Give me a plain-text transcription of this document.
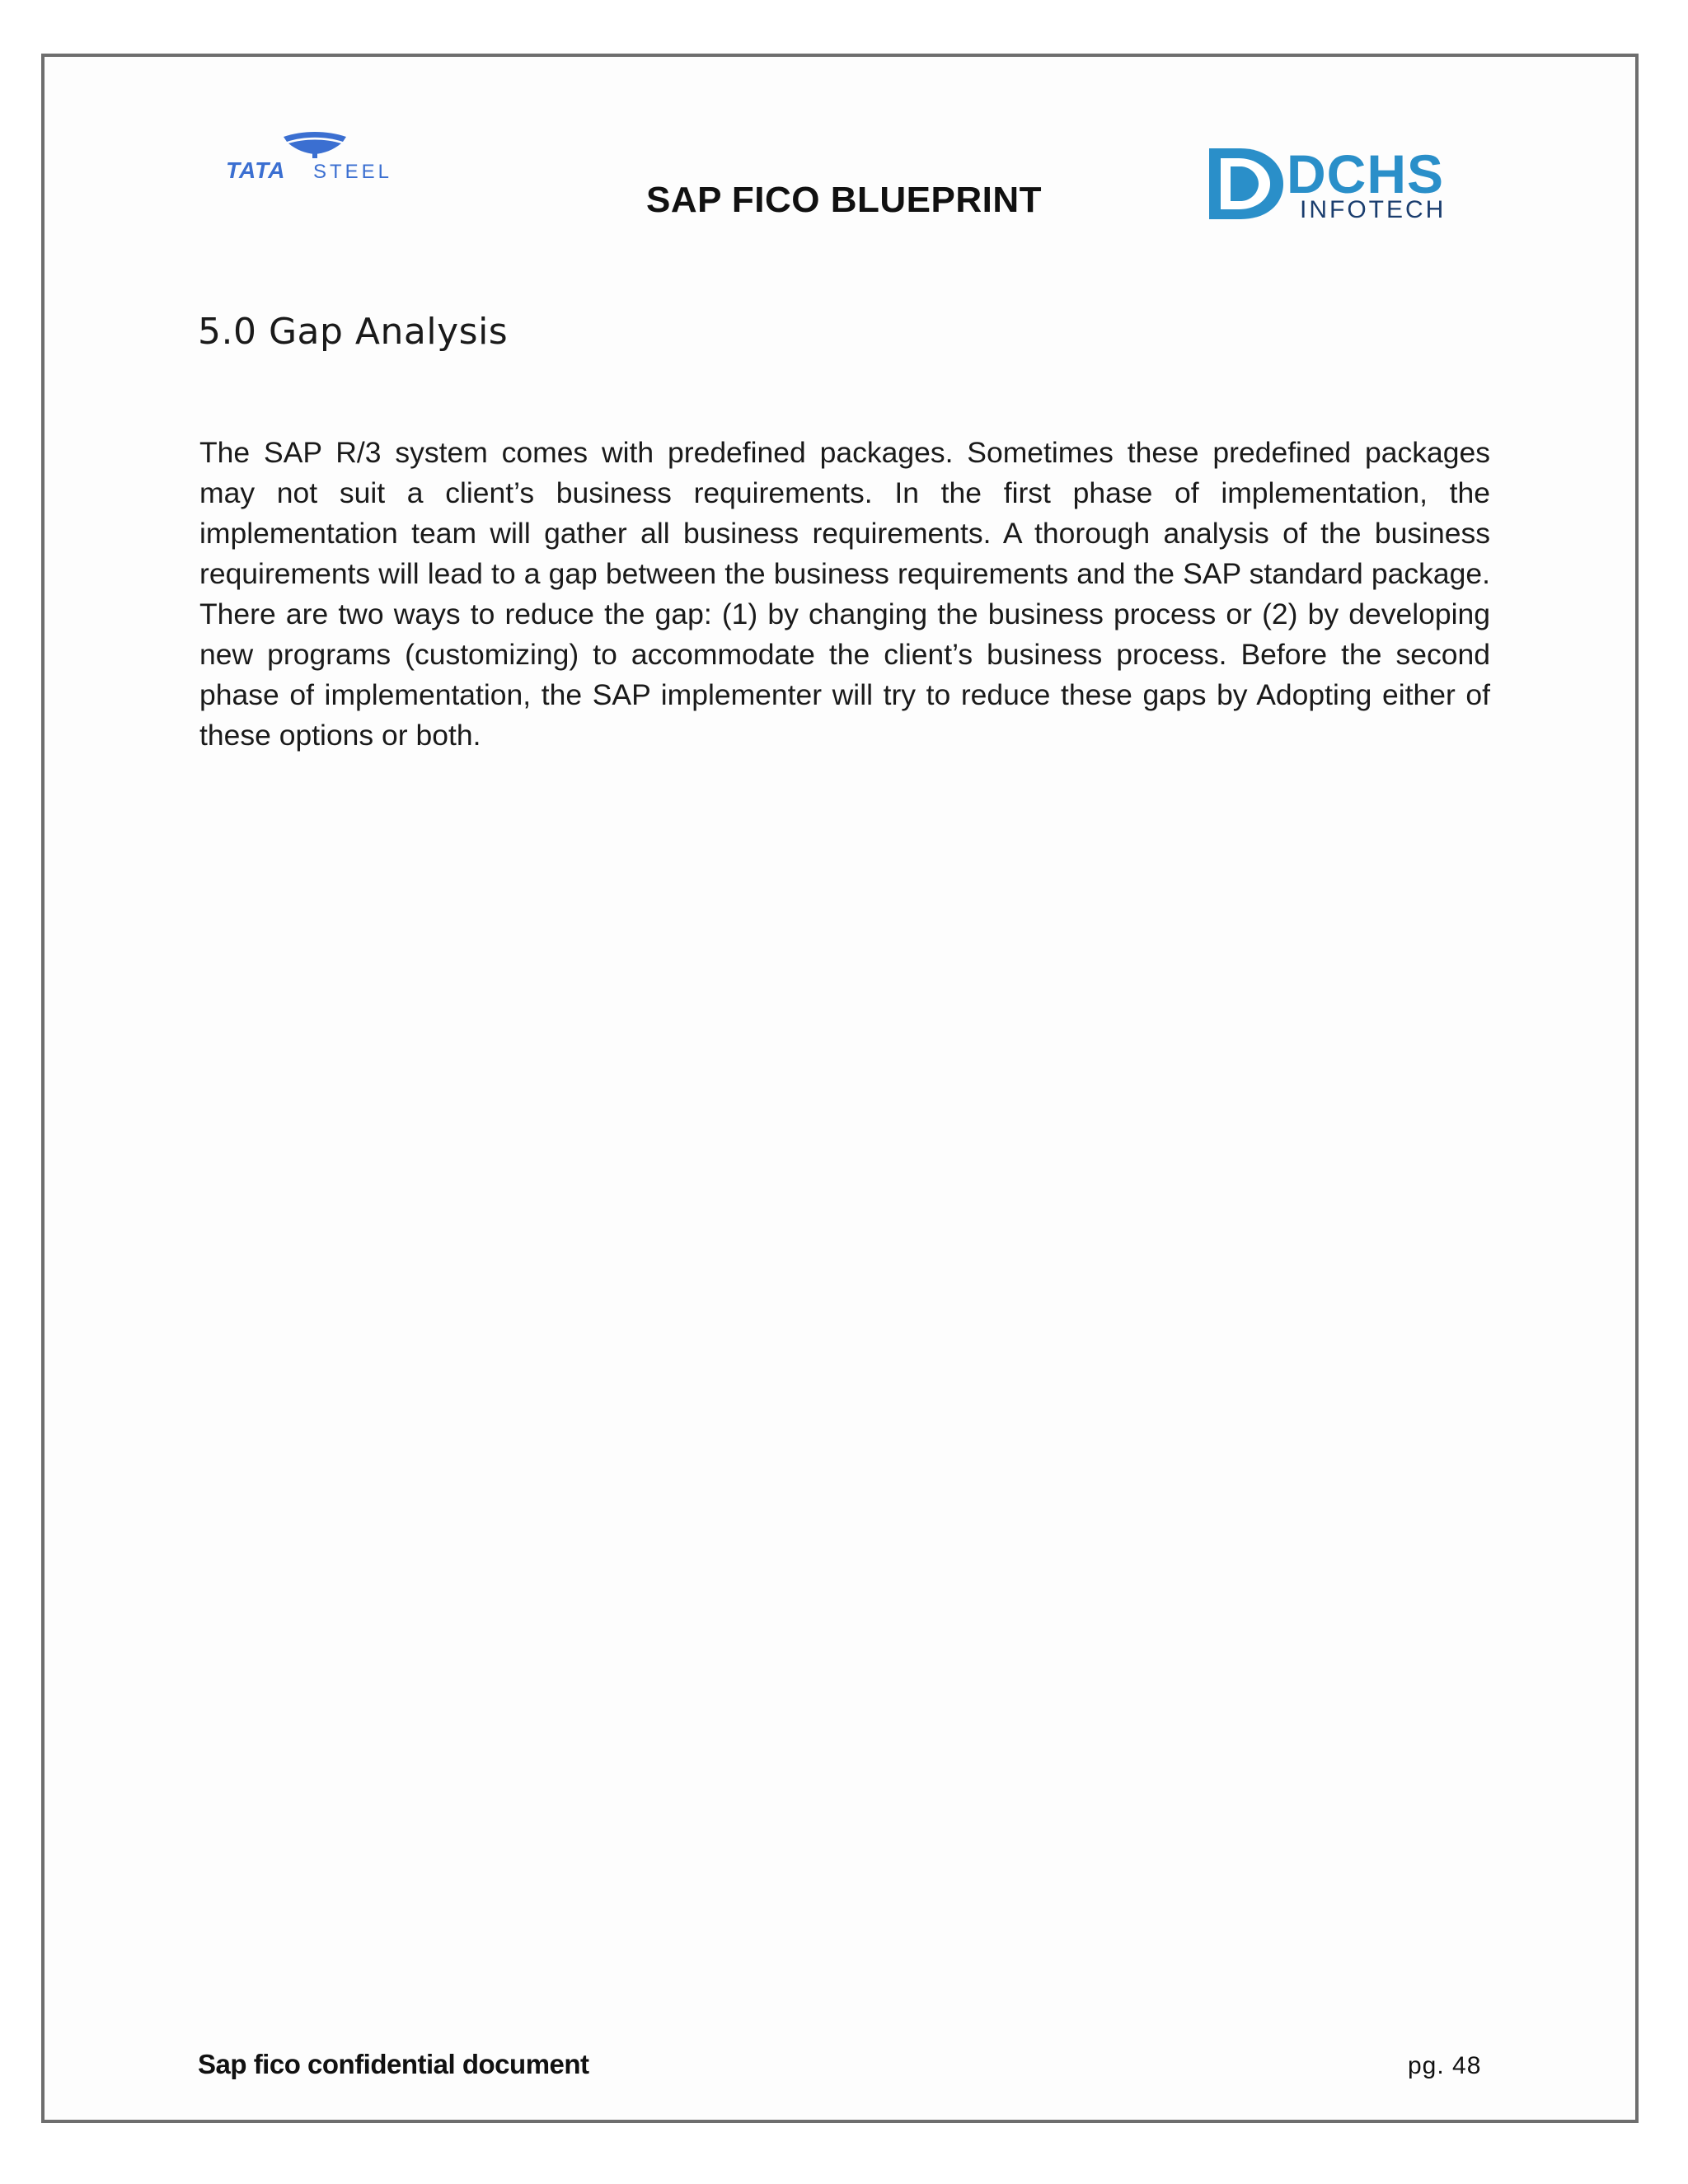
TATA STEEL	DCHS
INFOTECH
SAP FICO BLUEPRINT
5.0 Gap Analysis

The SAP R/3 system comes with predefined packages. Sometimes these predefined packages may not suit a client’s business requirements. In the first phase of implementation, the implementation team will gather all business requirements. A thorough analysis of the business requirements will lead to a gap between the business requirements and the SAP standard package. There are two ways to reduce the gap: (1) by changing the business process or (2) by developing new programs (customizing) to accommodate the client’s business process. Before the second phase of implementation, the SAP implementer will try to reduce these gaps by Adopting either of these options or both.

Sap fico confidential document	pg. 48
